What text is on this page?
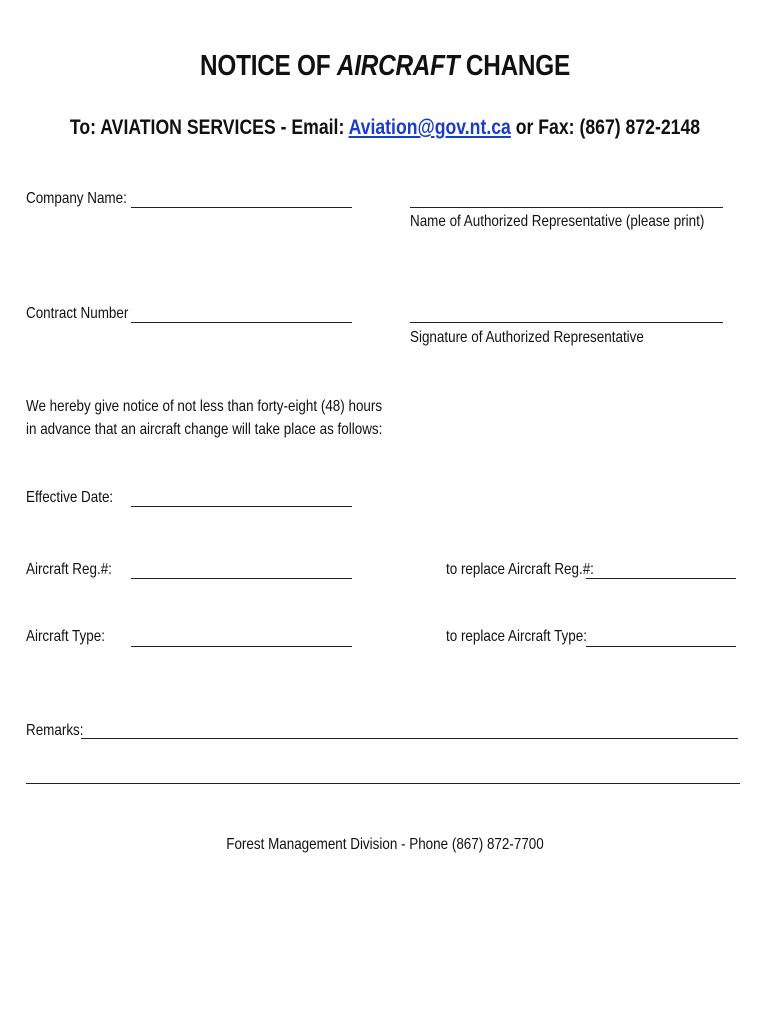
NOTICE OF AIRCRAFT CHANGE
To: AVIATION SERVICES - Email: Aviation@gov.nt.ca or Fax: (867) 872-2148
Company Name:
Name of Authorized Representative (please print)
Contract Number
Signature of Authorized Representative
We hereby give notice of not less than forty-eight (48) hours
in advance that an aircraft change will take place as follows:
Effective Date:
Aircraft Reg.#:	to replace Aircraft Reg.#:
Aircraft Type:	to replace Aircraft Type:
Remarks:
Forest Management Division - Phone (867) 872-7700
